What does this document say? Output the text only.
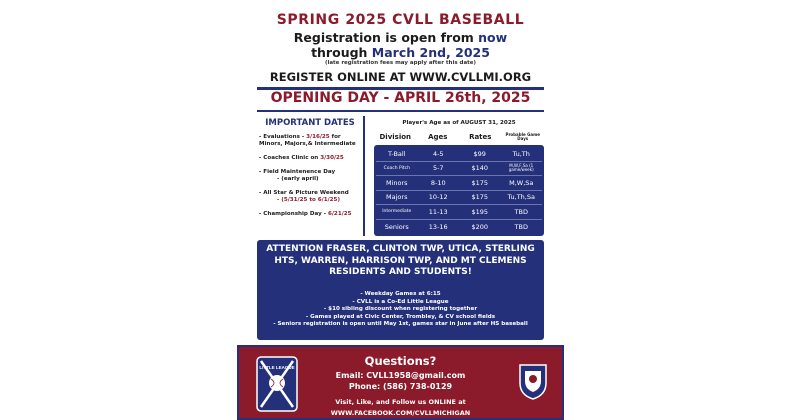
SPRING 2025 CVLL BASEBALL
Registration is open from now
through March 2nd, 2025
(late registration fees may apply after this date)
REGISTER ONLINE AT WWW.CVLLMI.ORG
OPENING DAY - APRIL 26th, 2025
IMPORTANT DATES
- Evaluations - 3/16/25 for Minors, Majors,& Intermediate
- Coaches Clinic on 3/30/25
- Field Maintenence Day
- (early april)
- All Star & Picture Weekend
- (5/31/25 to 6/1/25)
- Championship Day - 6/21/25
Player's Age as of AUGUST 31, 2025
Division	Ages	Rates	Probable Game Days
T-Ball	4-5	$99	Tu,Th
Coach Pitch	5-7	$140	M,W,F,Sa (1 game/week)
Minors	8-10	$175	M,W,Sa
Majors	10-12	$175	Tu,Th,Sa
Intermediate	11-13	$195	TBD
Seniors	13-16	$200	TBD
ATTENTION FRASER, CLINTON TWP, UTICA, STERLING HTS, WARREN, HARRISON TWP, AND MT CLEMENS RESIDENTS AND STUDENTS!
- Weekday Games at 6:15
- CVLL is a Co-Ed Little League
- $10 sibling discount when registering together
- Games played at Civic Center, Trombley, & CV school fields
- Seniors registration is open until May 1st, games star in June after HS baseball
LITTLE LEAGUE	Questions?
Email: CVLL1958@gmail.com
Phone: (586) 738-0129
Visit, Like, and Follow us ONLINE at
WWW.FACEBOOK.COM/CVLLMICHIGAN
